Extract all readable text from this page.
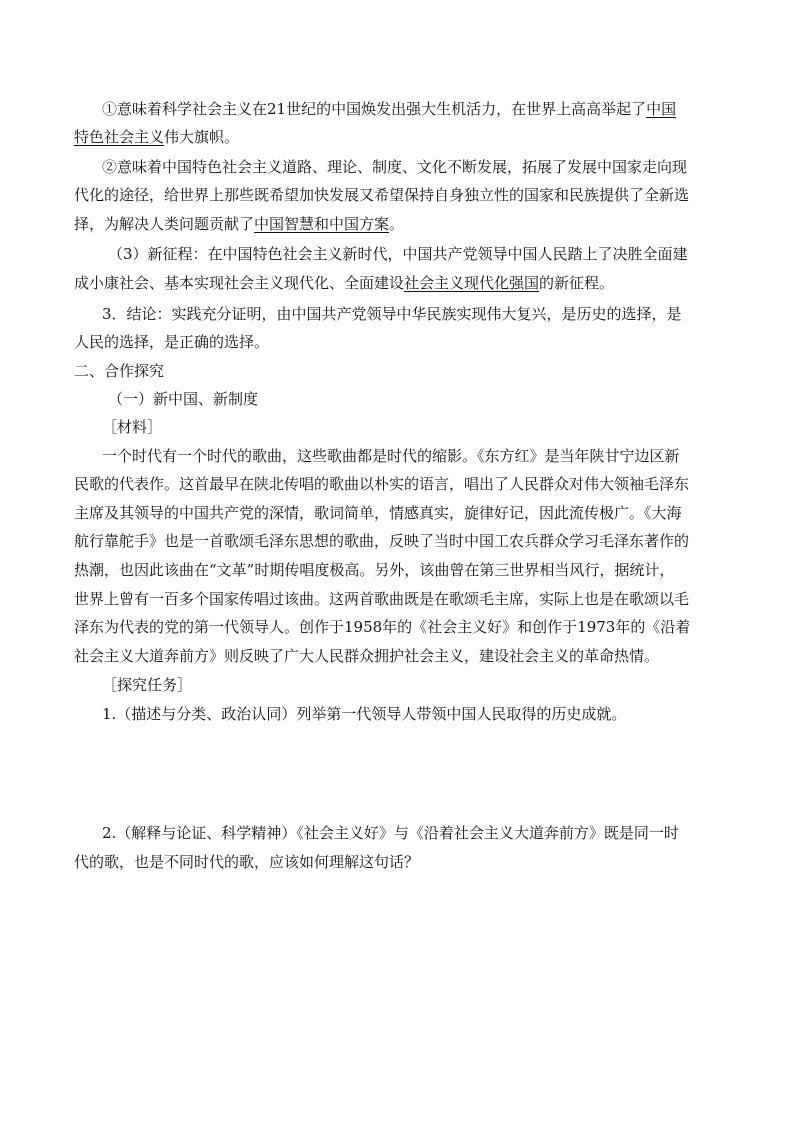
①意味着科学社会主义在21世纪的中国焕发出强大生机活力，在世界上高高举起了中国
特色社会主义伟大旗帜。
②意味着中国特色社会主义道路、理论、制度、文化不断发展，拓展了发展中国家走向现
代化的途径，给世界上那些既希望加快发展又希望保持自身独立性的国家和民族提供了全新选
择，为解决人类问题贡献了中国智慧和中国方案。
（3）新征程：在中国特色社会主义新时代，中国共产党领导中国人民踏上了决胜全面建
成小康社会、基本实现社会主义现代化、全面建设社会主义现代化强国的新征程。
3．结论：实践充分证明，由中国共产党领导中华民族实现伟大复兴，是历史的选择，是
人民的选择，是正确的选择。
二、合作探究
（一）新中国、新制度
［材料］
一个时代有一个时代的歌曲，这些歌曲都是时代的缩影。《东方红》是当年陕甘宁边区新
民歌的代表作。这首最早在陕北传唱的歌曲以朴实的语言，唱出了人民群众对伟大领袖毛泽东
主席及其领导的中国共产党的深情，歌词简单，情感真实，旋律好记，因此流传极广。《大海
航行靠舵手》也是一首歌颂毛泽东思想的歌曲，反映了当时中国工农兵群众学习毛泽东著作的
热潮，也因此该曲在“文革”时期传唱度极高。另外，该曲曾在第三世界相当风行，据统计，
世界上曾有一百多个国家传唱过该曲。这两首歌曲既是在歌颂毛主席，实际上也是在歌颂以毛
泽东为代表的党的第一代领导人。创作于1958年的《社会主义好》和创作于1973年的《沿着
社会主义大道奔前方》则反映了广大人民群众拥护社会主义，建设社会主义的革命热情。
［探究任务］
1.（描述与分类、政治认同）列举第一代领导人带领中国人民取得的历史成就。
2.（解释与论证、科学精神）《社会主义好》与《沿着社会主义大道奔前方》既是同一时
代的歌，也是不同时代的歌，应该如何理解这句话？
